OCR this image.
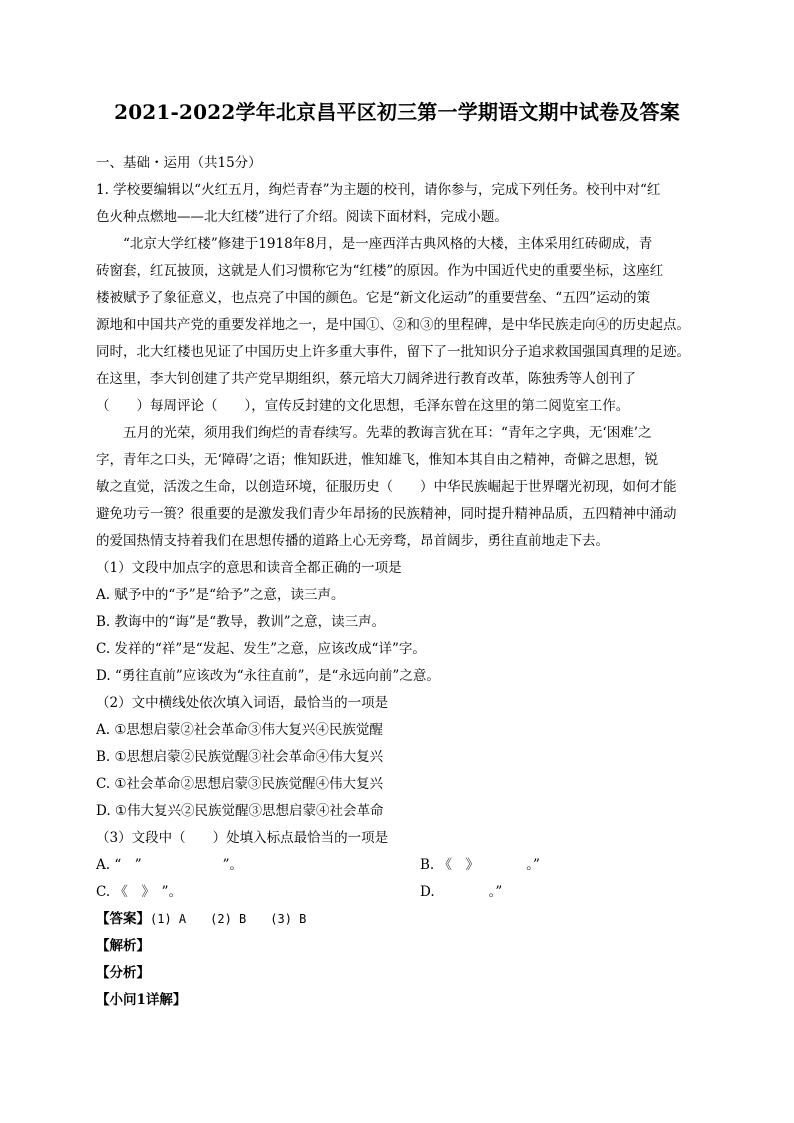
2021-2022学年北京昌平区初三第一学期语文期中试卷及答案
一、基础・运用（共15分）
1. 学校要编辑以“火红五月，绚烂青春”为主题的校刊，请你参与，完成下列任务。校刊中对“红
色火种点燃地——北大红楼”进行了介绍。阅读下面材料，完成小题。
“北京大学红楼”修建于1918年8月，是一座西洋古典风格的大楼，主体采用红砖砌成，青
砖窗套，红瓦披顶，这就是人们习惯称它为“红楼”的原因。作为中国近代史的重要坐标，这座红
楼被赋予了象征意义，也点亮了中国的颜色。它是“新文化运动”的重要营垒、“五四”运动的策
源地和中国共产党的重要发祥地之一，是中国①、②和③的里程碑，是中华民族走向④的历史起点。
同时，北大红楼也见证了中国历史上许多重大事件，留下了一批知识分子追求救国强国真理的足迹。
在这里，李大钊创建了共产党早期组织，蔡元培大刀阔斧进行教育改革，陈独秀等人创刊了
（　　）每周评论（　　），宣传反封建的文化思想，毛泽东曾在这里的第二阅览室工作。
五月的光荣，须用我们绚烂的青春续写。先辈的教诲言犹在耳：“青年之字典，无‘困难’之
字，青年之口头，无‘障碍’之语；惟知跃进，惟知雄飞，惟知本其自由之精神，奇僻之思想，锐
敏之直觉，活泼之生命，以创造环境，征服历史（　　）中华民族崛起于世界曙光初现，如何才能
避免功亏一篑？很重要的是激发我们青少年昂扬的民族精神，同时提升精神品质，五四精神中涌动
的爱国热情支持着我们在思想传播的道路上心无旁骛，昂首阔步，勇往直前地走下去。
（1）文段中加点字的意思和读音全都正确的一项是
A. 赋予中的“予”是“给予”之意，读三声。
B. 教诲中的“诲”是“教导，教训”之意，读三声。
C. 发祥的“祥”是“发起、发生”之意，应该改成“详”字。
D. “勇往直前”应该改为“永往直前”，是“永远向前”之意。
（2）文中横线处依次填入词语，最恰当的一项是
A. ①思想启蒙②社会革命③伟大复兴④民族觉醒
B. ①思想启蒙②民族觉醒③社会革命④伟大复兴
C. ①社会革命②思想启蒙③民族觉醒④伟大复兴
D. ①伟大复兴②民族觉醒③思想启蒙④社会革命
（3）文段中（　　）处填入标点最恰当的一项是
A. “　”　　　　　　”。	B. 《　》　　　　。”
C. 《　》　”。	D.　　　　。”
【答案】(1) A　　(2) B　　(3) B
【解析】
【分析】
【小问1详解】
